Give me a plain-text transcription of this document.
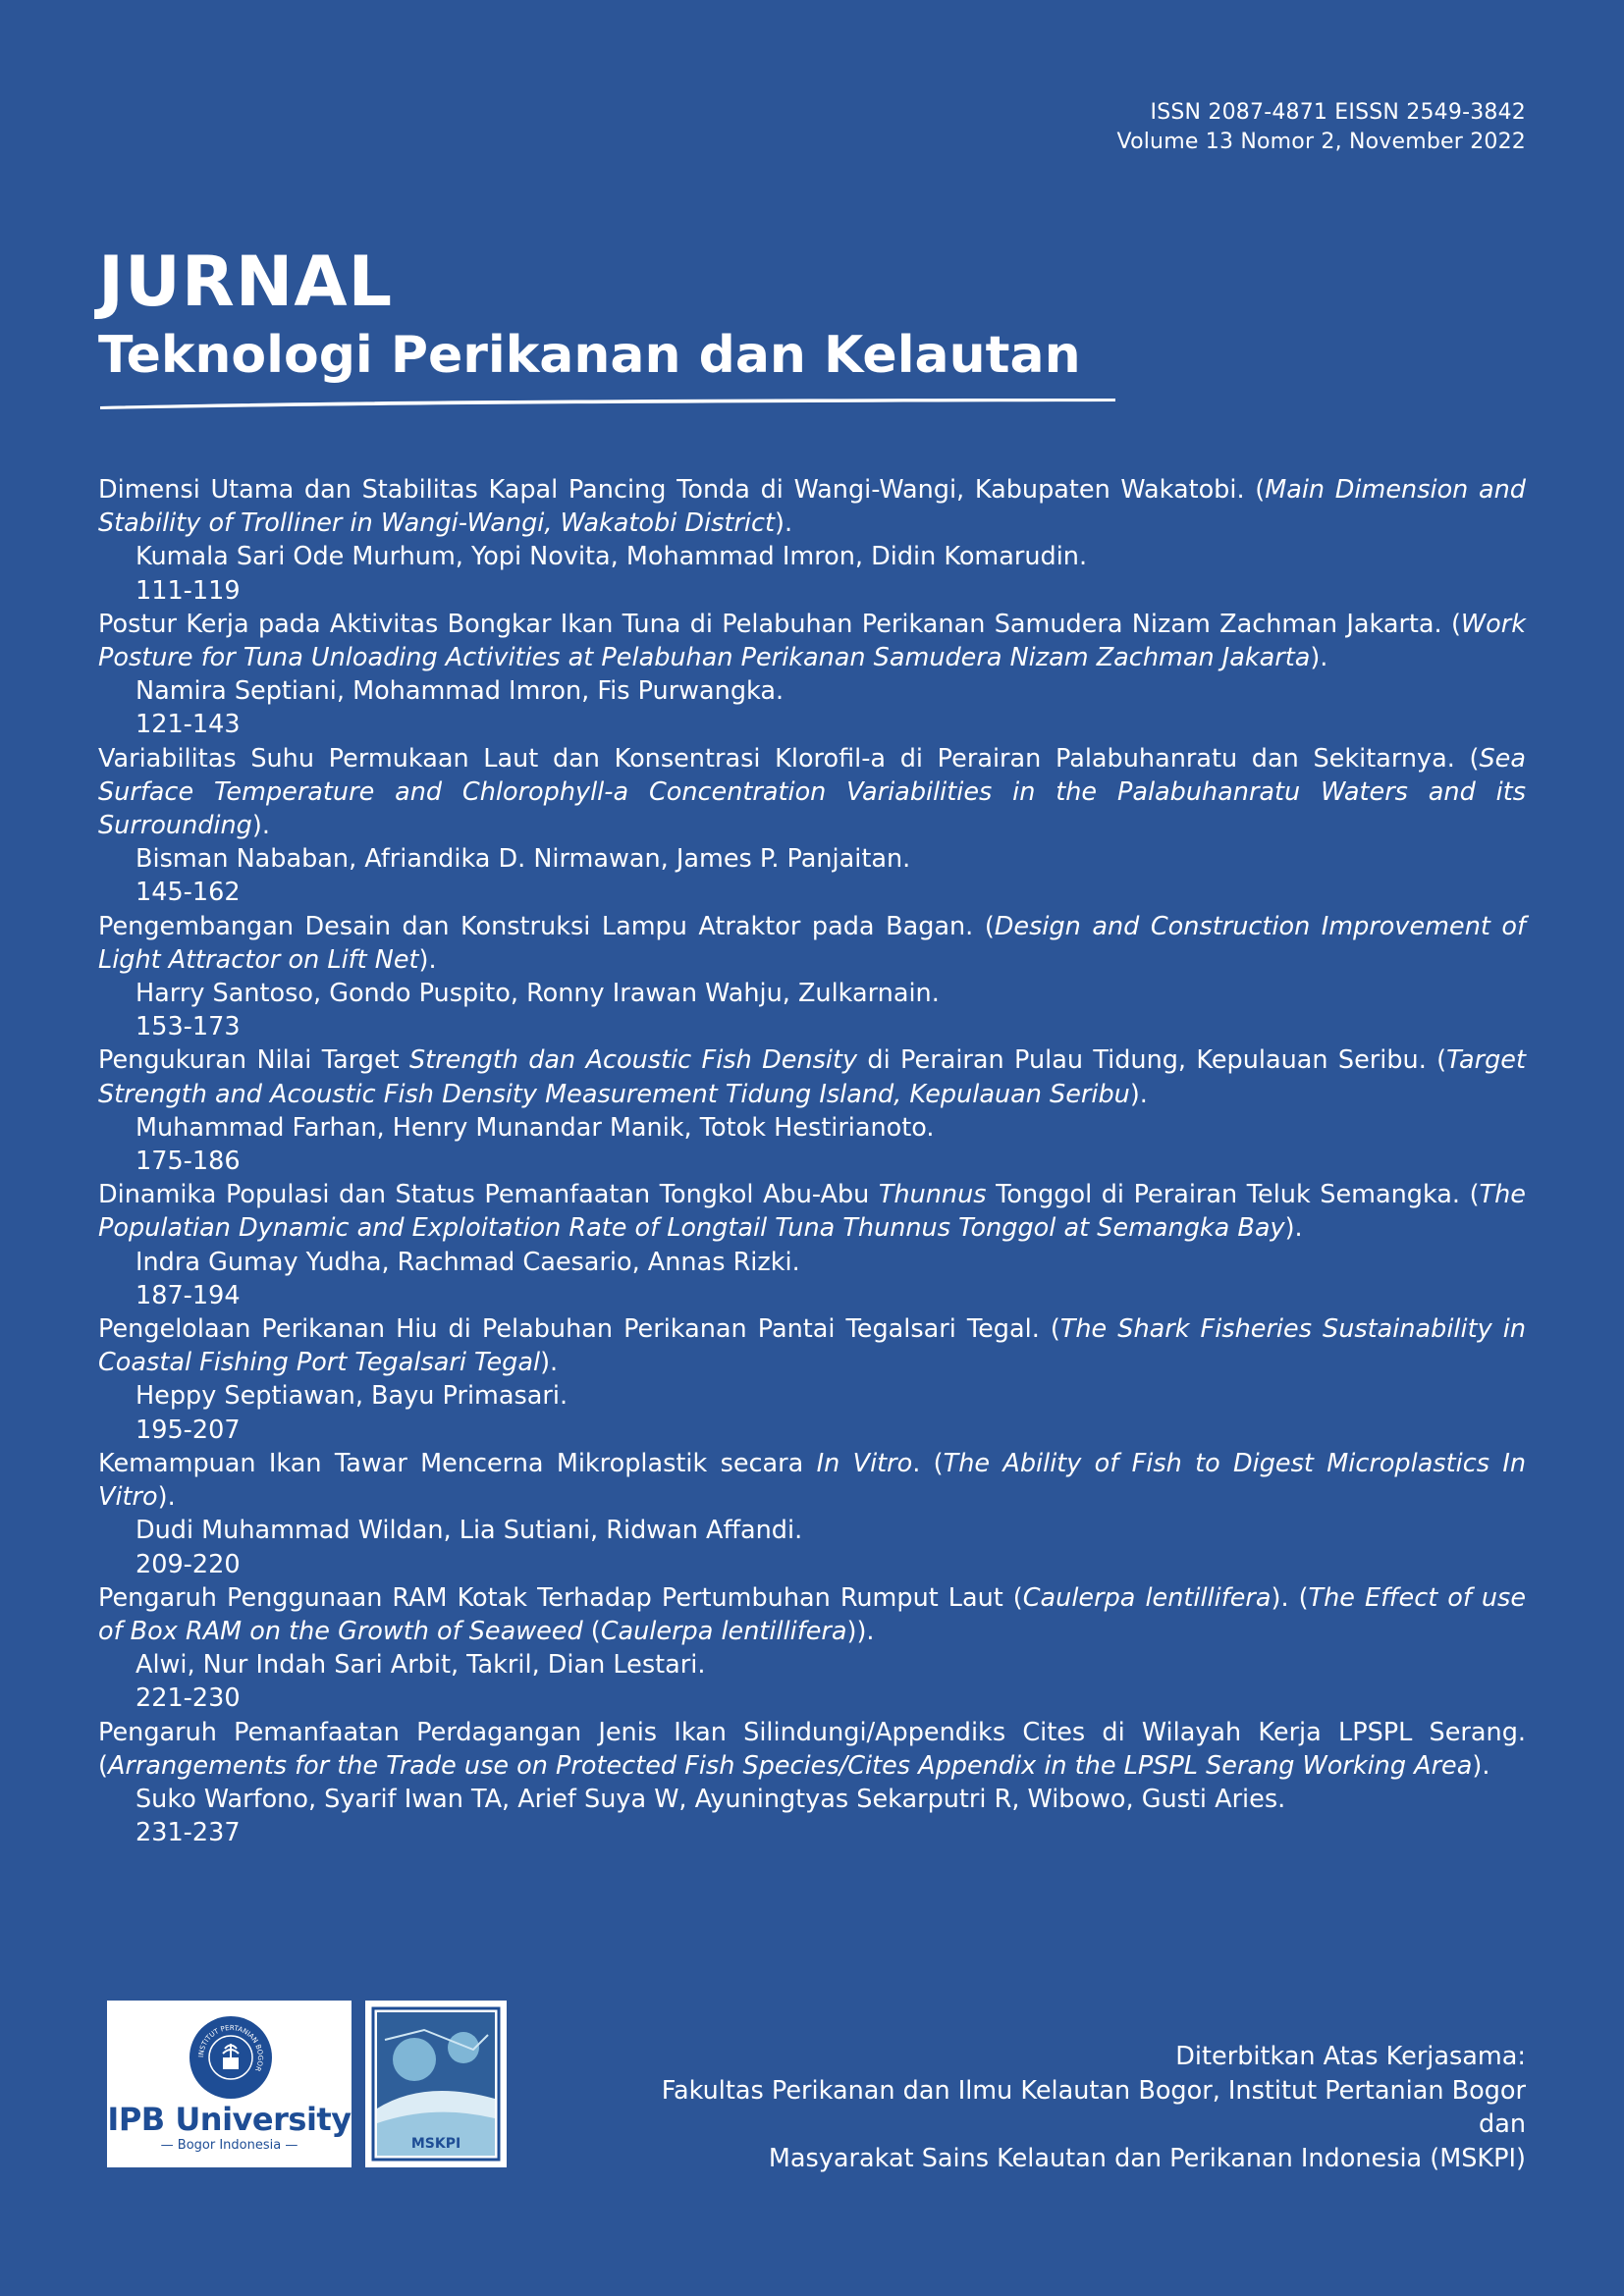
ISSN 2087-4871 EISSN 2549-3842
Volume 13 Nomor 2, November 2022
JURNAL
Teknologi Perikanan dan Kelautan
Dimensi Utama dan Stabilitas Kapal Pancing Tonda di Wangi-Wangi, Kabupaten Wakatobi. (Main Dimension and Stability of Trolliner in Wangi-Wangi, Wakatobi District).
Kumala Sari Ode Murhum, Yopi Novita, Mohammad Imron, Didin Komarudin.
111-119
Postur Kerja pada Aktivitas Bongkar Ikan Tuna di Pelabuhan Perikanan Samudera Nizam Zachman Jakarta. (Work Posture for Tuna Unloading Activities at Pelabuhan Perikanan Samudera Nizam Zachman Jakarta).
Namira Septiani, Mohammad Imron, Fis Purwangka.
121-143
Variabilitas Suhu Permukaan Laut dan Konsentrasi Klorofil-a di Perairan Palabuhanratu dan Sekitarnya. (Sea Surface Temperature and Chlorophyll-a Concentration Variabilities in the Palabuhanratu Waters and its Surrounding).
Bisman Nababan, Afriandika D. Nirmawan, James P. Panjaitan.
145-162
Pengembangan Desain dan Konstruksi Lampu Atraktor pada Bagan. (Design and Construction Improvement of Light Attractor on Lift Net).
Harry Santoso, Gondo Puspito, Ronny Irawan Wahju, Zulkarnain.
153-173
Pengukuran Nilai Target Strength dan Acoustic Fish Density di Perairan Pulau Tidung, Kepulauan Seribu. (Target Strength and Acoustic Fish Density Measurement Tidung Island, Kepulauan Seribu).
Muhammad Farhan, Henry Munandar Manik, Totok Hestirianoto.
175-186
Dinamika Populasi dan Status Pemanfaatan Tongkol Abu-Abu Thunnus Tonggol di Perairan Teluk Semangka. (The Populatian Dynamic and Exploitation Rate of Longtail Tuna Thunnus Tonggol at Semangka Bay).
Indra Gumay Yudha, Rachmad Caesario, Annas Rizki.
187-194
Pengelolaan Perikanan Hiu di Pelabuhan Perikanan Pantai Tegalsari Tegal. (The Shark Fisheries Sustainability in Coastal Fishing Port Tegalsari Tegal).
Heppy Septiawan, Bayu Primasari.
195-207
Kemampuan Ikan Tawar Mencerna Mikroplastik secara In Vitro. (The Ability of Fish to Digest Microplastics In Vitro).
Dudi Muhammad Wildan, Lia Sutiani, Ridwan Affandi.
209-220
Pengaruh Penggunaan RAM Kotak Terhadap Pertumbuhan Rumput Laut (Caulerpa lentillifera). (The Effect of use of Box RAM on the Growth of Seaweed (Caulerpa lentillifera)).
Alwi, Nur Indah Sari Arbit, Takril, Dian Lestari.
221-230
Pengaruh Pemanfaatan Perdagangan Jenis Ikan Silindungi/Appendiks Cites di Wilayah Kerja LPSPL Serang. (Arrangements for the Trade use on Protected Fish Species/Cites Appendix in the LPSPL Serang Working Area).
Suko Warfono, Syarif Iwan TA, Arief Suya W, Ayuningtyas Sekarputri R, Wibowo, Gusti Aries.
231-237
INSTITUT PERTANIAN BOGOR
IPB University
— Bogor Indonesia —	MSKPI
Diterbitkan Atas Kerjasama:
Fakultas Perikanan dan Ilmu Kelautan Bogor, Institut Pertanian Bogor
dan
Masyarakat Sains Kelautan dan Perikanan Indonesia (MSKPI)
